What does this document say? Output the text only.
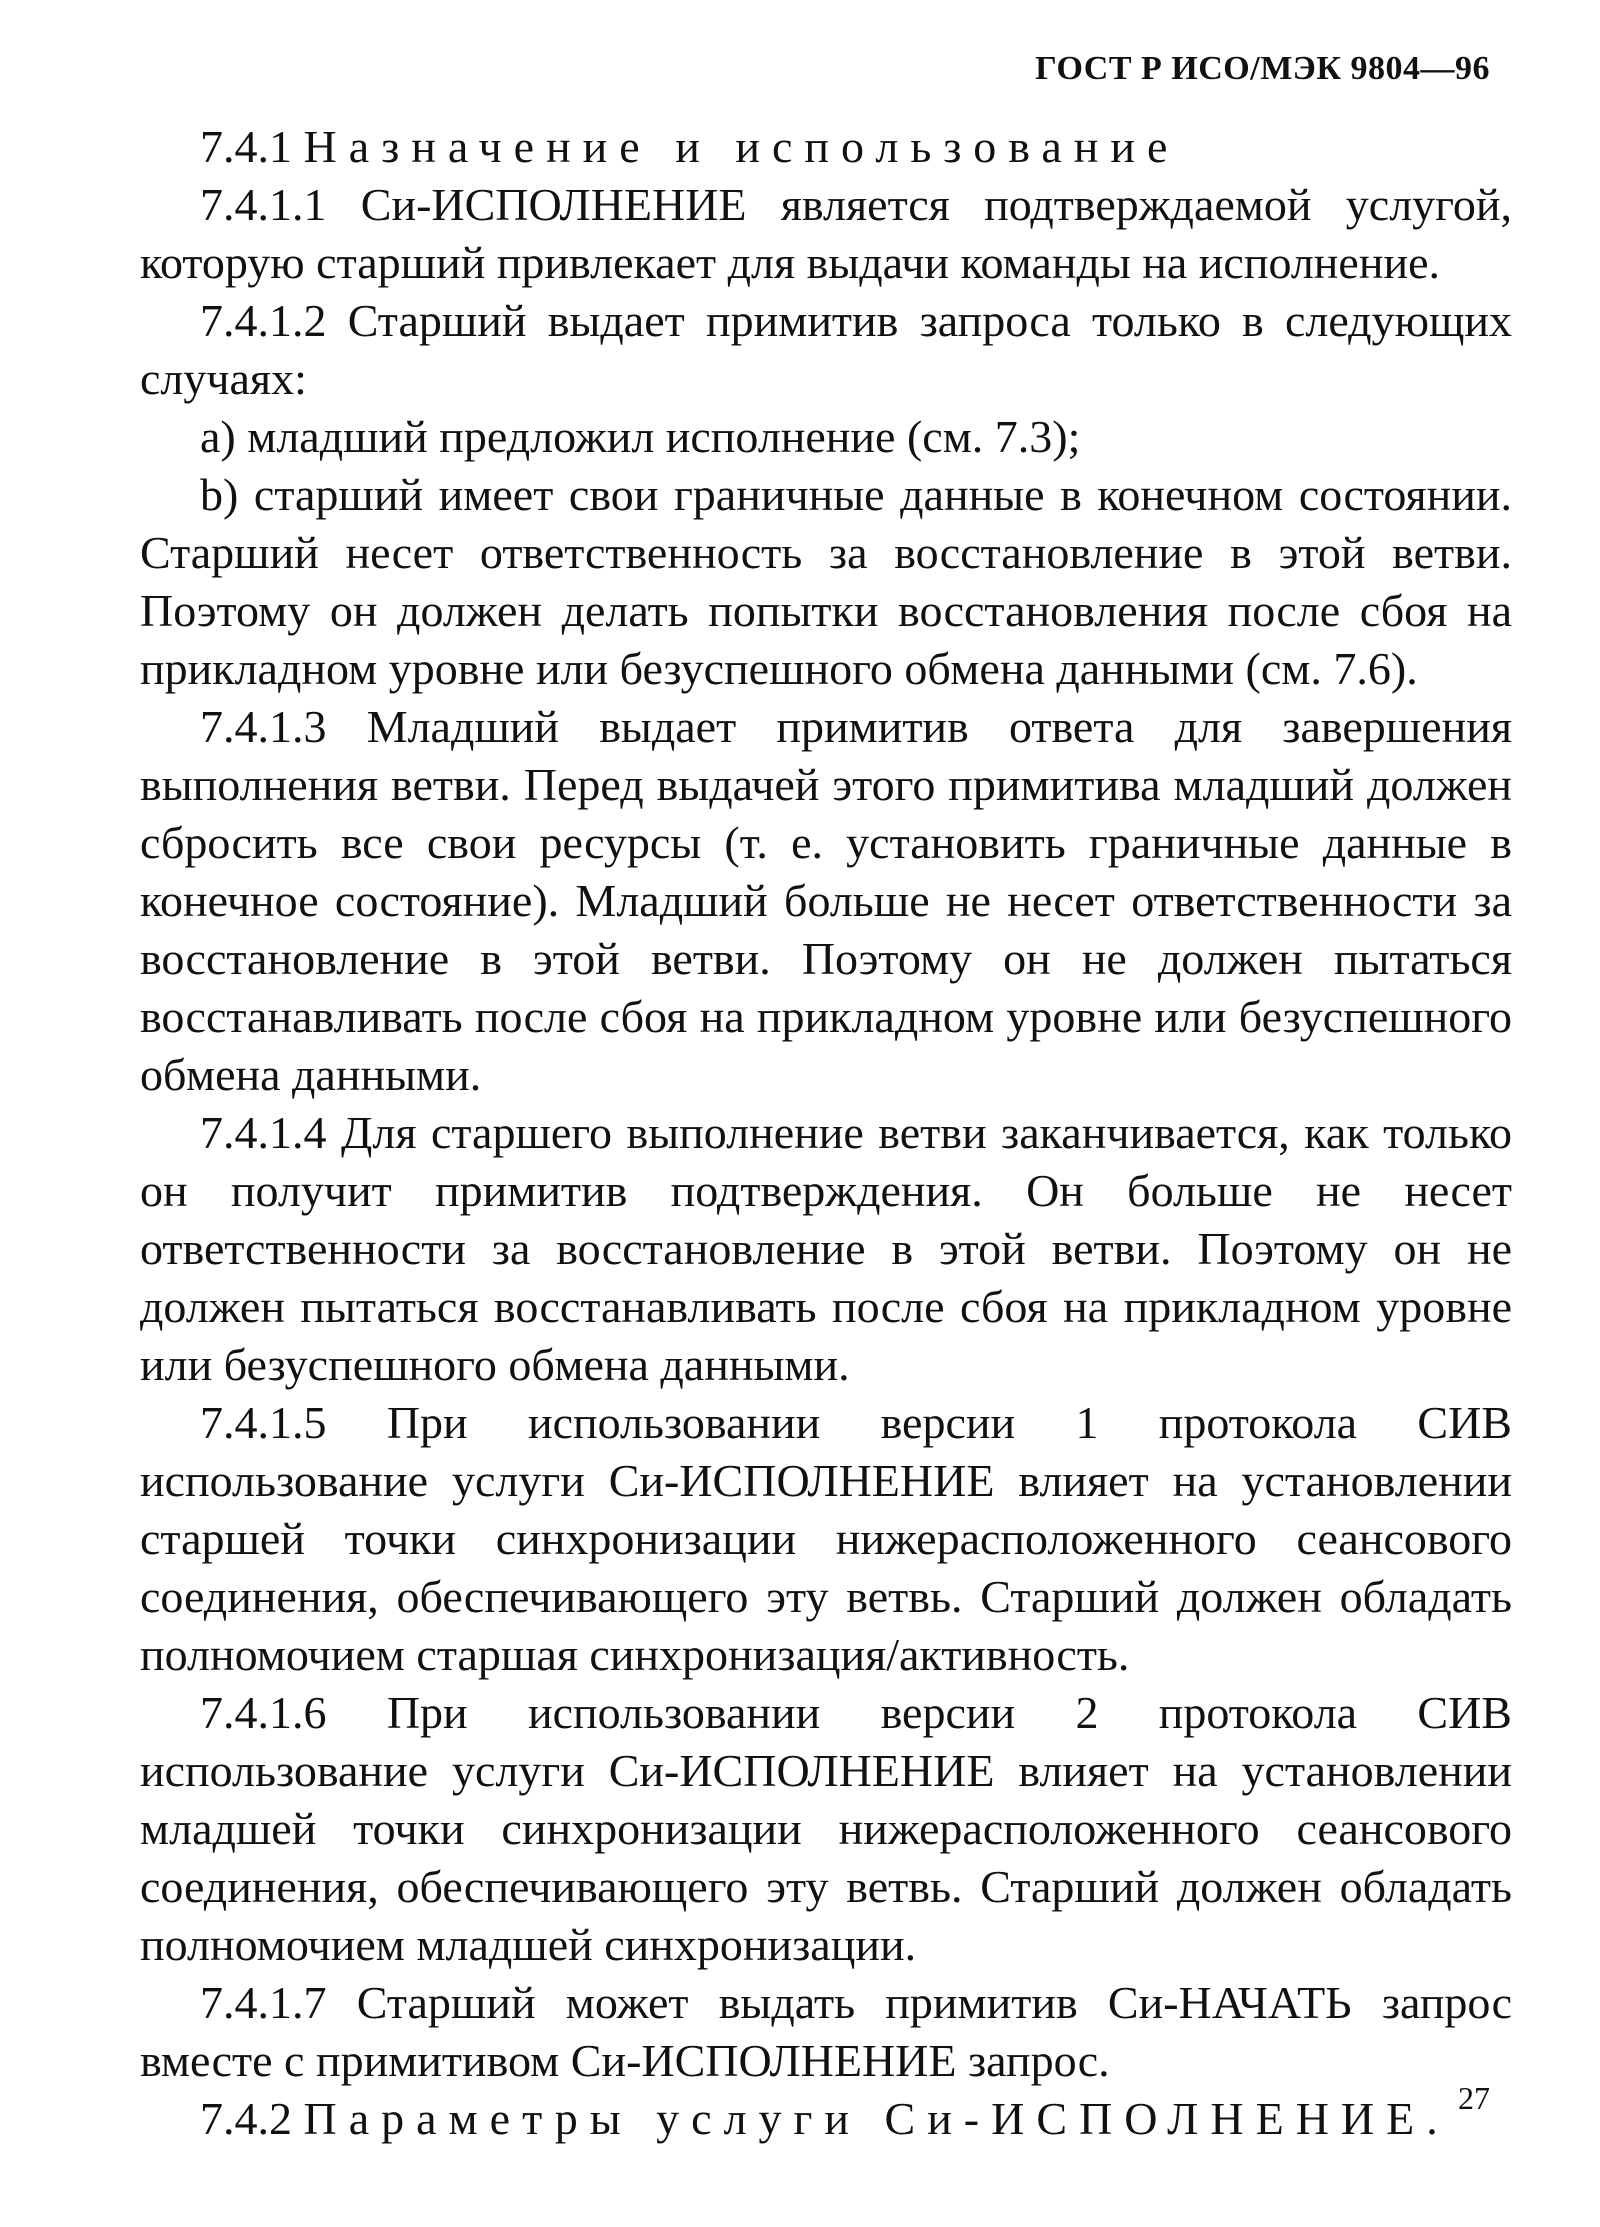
ГОСТ Р ИСО/МЭК 9804—96

7.4.1 Назначение и использование

7.4.1.1 Си-ИСПОЛНЕНИЕ является подтверждаемой услугой, которую старший привлекает для выдачи команды на исполнение.

7.4.1.2 Старший выдает примитив запроса только в следующих случаях:

a) младший предложил исполнение (см. 7.3);

b) старший имеет свои граничные данные в конечном состоянии. Старший несет ответственность за восстановление в этой ветви. Поэтому он должен делать попытки восстановления после сбоя на прикладном уровне или безуспешного обмена данными (см. 7.6).

7.4.1.3 Младший выдает примитив ответа для завершения выполнения ветви. Перед выдачей этого примитива младший должен сбросить все свои ресурсы (т. е. установить граничные данные в конечное состояние). Младший больше не несет ответственности за восстановление в этой ветви. Поэтому он не должен пытаться восстанавливать после сбоя на прикладном уровне или безуспешного обмена данными.

7.4.1.4 Для старшего выполнение ветви заканчивается, как только он получит примитив подтверждения. Он больше не несет ответственности за восстановление в этой ветви. Поэтому он не должен пытаться восстанавливать после сбоя на прикладном уровне или безуспешного обмена данными.

7.4.1.5 При использовании версии 1 протокола СИВ использование услуги Си-ИСПОЛНЕНИЕ влияет на установлении старшей точки синхронизации нижерасположенного сеансового соединения, обеспечивающего эту ветвь. Старший должен обладать полномочием старшая синхронизация/активность.

7.4.1.6 При использовании версии 2 протокола СИВ использование услуги Си-ИСПОЛНЕНИЕ влияет на установлении младшей точки синхронизации нижерасположенного сеансового соединения, обеспечивающего эту ветвь. Старший должен обладать полномочием младшей синхронизации.

7.4.1.7 Старший может выдать примитив Си-НАЧАТЬ запрос вместе с примитивом Си-ИСПОЛНЕНИЕ запрос.

7.4.2 Параметры услуги Си-ИСПОЛНЕНИЕ. 27
